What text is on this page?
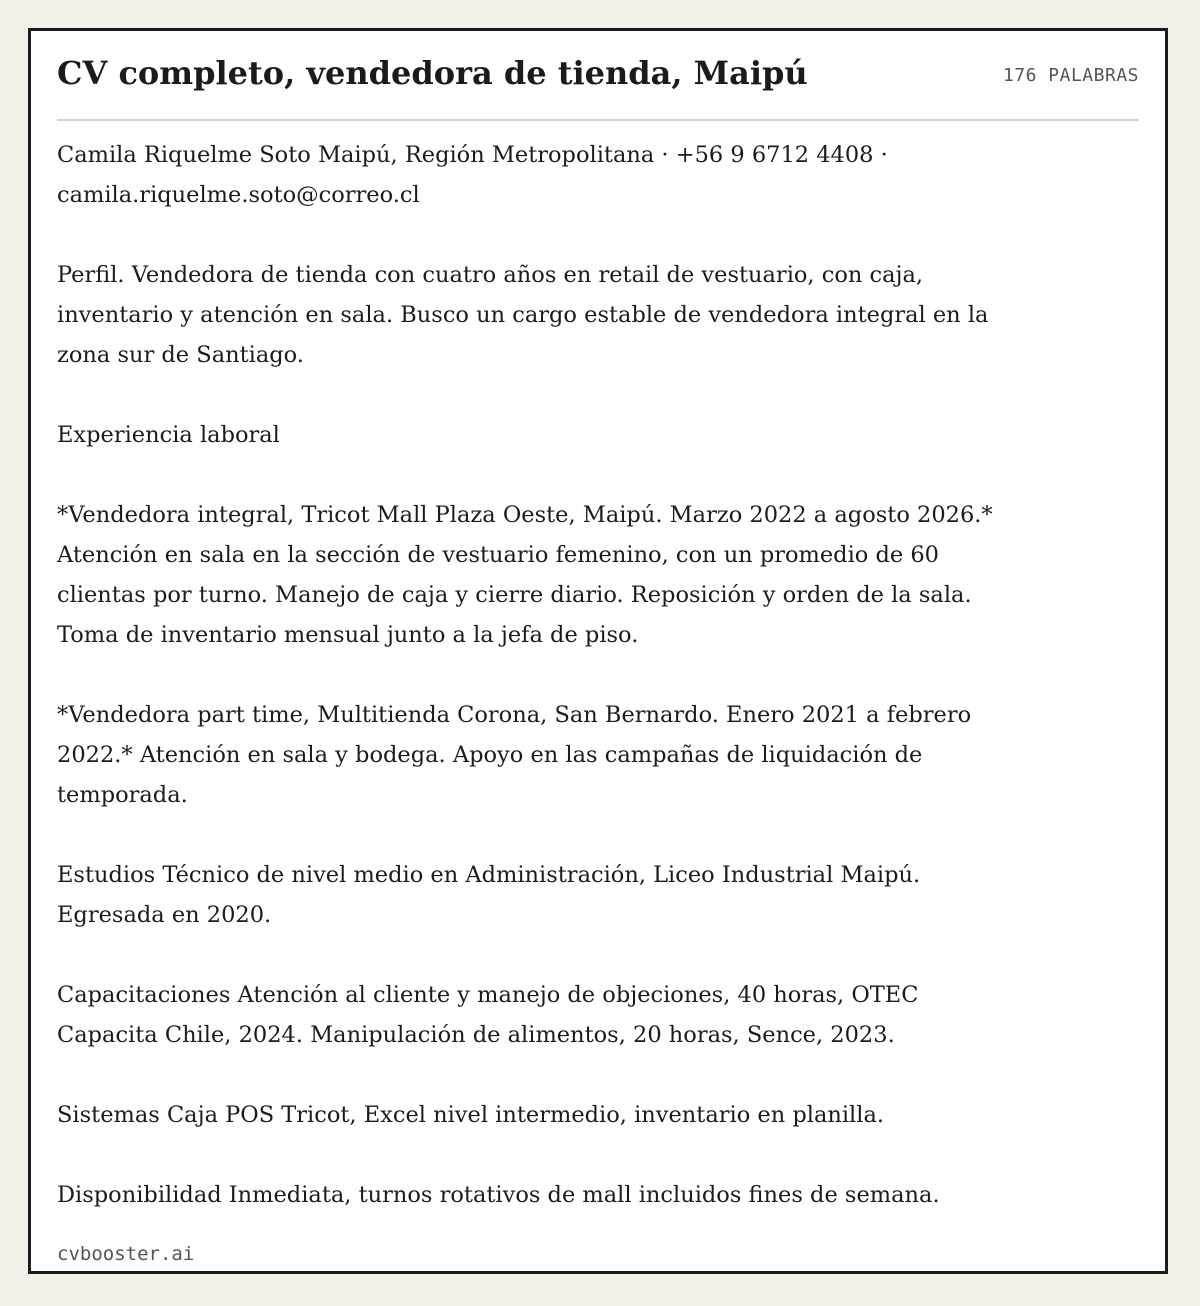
CV completo, vendedora de tienda, Maipú	176 PALABRAS

Camila Riquelme Soto Maipú, Región Metropolitana · +56 9 6712 4408 · camila.riquelme.soto@correo.cl

Perfil. Vendedora de tienda con cuatro años en retail de vestuario, con caja, inventario y atención en sala. Busco un cargo estable de vendedora integral en la zona sur de Santiago.

Experiencia laboral

*Vendedora integral, Tricot Mall Plaza Oeste, Maipú. Marzo 2022 a agosto 2026.* Atención en sala en la sección de vestuario femenino, con un promedio de 60 clientas por turno. Manejo de caja y cierre diario. Reposición y orden de la sala. Toma de inventario mensual junto a la jefa de piso.

*Vendedora part time, Multitienda Corona, San Bernardo. Enero 2021 a febrero 2022.* Atención en sala y bodega. Apoyo en las campañas de liquidación de temporada.

Estudios Técnico de nivel medio en Administración, Liceo Industrial Maipú. Egresada en 2020.

Capacitaciones Atención al cliente y manejo de objeciones, 40 horas, OTEC Capacita Chile, 2024. Manipulación de alimentos, 20 horas, Sence, 2023.

Sistemas Caja POS Tricot, Excel nivel intermedio, inventario en planilla.

Disponibilidad Inmediata, turnos rotativos de mall incluidos fines de semana.

cvbooster.ai
